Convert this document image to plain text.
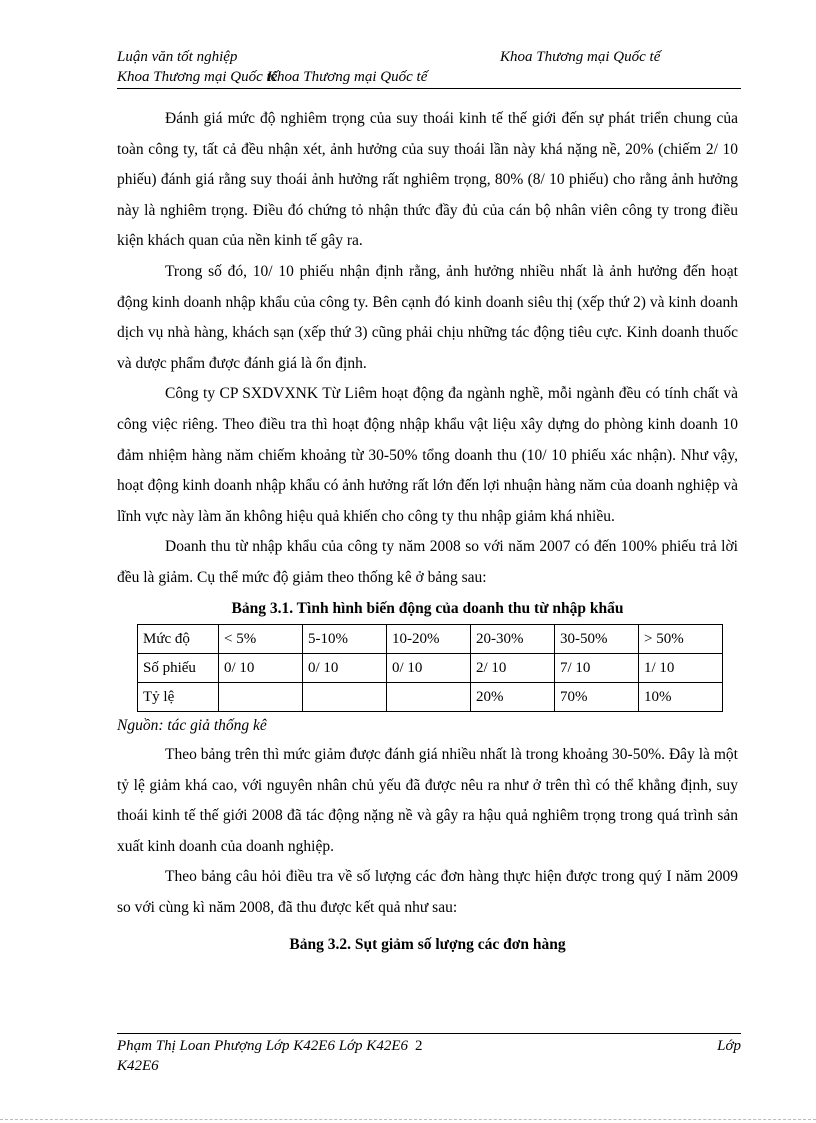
Luận văn tốt nghiệp	Khoa Thương mại Quốc tế
Khoa Thương mại Quốc tế
Khoa Thương mại Quốc tế

Đánh giá mức độ nghiêm trọng của suy thoái kinh tế thế giới đến sự phát triển chung của toàn công ty, tất cả đều nhận xét, ảnh hưởng của suy thoái lần này khá nặng nề, 20% (chiếm 2/ 10 phiếu) đánh giá rằng suy thoái ảnh hưởng rất nghiêm trọng, 80% (8/ 10 phiếu) cho rằng ảnh hưởng này là nghiêm trọng. Điều đó chứng tỏ nhận thức đầy đủ của cán bộ nhân viên công ty trong điều kiện khách quan của nền kinh tế gây ra.

Trong số đó, 10/ 10 phiếu nhận định rằng, ảnh hưởng nhiều nhất là ảnh hưởng đến hoạt động kinh doanh nhập khẩu của công ty. Bên cạnh đó kinh doanh siêu thị (xếp thứ 2) và kinh doanh dịch vụ nhà hàng, khách sạn (xếp thứ 3) cũng phải chịu những tác động tiêu cực. Kinh doanh thuốc và dược phẩm được đánh giá là ổn định.

Công ty CP SXDVXNK Từ Liêm hoạt động đa ngành nghề, mỗi ngành đều có tính chất và công việc riêng. Theo điều tra thì hoạt động nhập khẩu vật liệu xây dựng do phòng kinh doanh 10 đảm nhiệm hàng năm chiếm khoảng từ 30-50% tổng doanh thu (10/ 10 phiếu xác nhận). Như vậy, hoạt động kinh doanh nhập khẩu có ảnh hưởng rất lớn đến lợi nhuận hàng năm của doanh nghiệp và lĩnh vực này làm ăn không hiệu quả khiến cho công ty thu nhập giảm khá nhiều.

Doanh thu từ nhập khẩu của công ty năm 2008 so với năm 2007 có đến 100% phiếu trả lời đều là giảm. Cụ thể mức độ giảm theo thống kê ở bảng sau:

Bảng 3.1. Tình hình biến động của doanh thu từ nhập khẩu

Mức độ	< 5%	5-10%	10-20%	20-30%	30-50%	> 50%
Số phiếu	0/ 10	0/ 10	0/ 10	2/ 10	7/ 10	1/ 10
Tỷ lệ				20%	70%	10%

Nguồn: tác giả thống kê

Theo bảng trên thì mức giảm được đánh giá nhiều nhất là trong khoảng 30-50%. Đây là một tỷ lệ giảm khá cao, với nguyên nhân chủ yếu đã được nêu ra như ở trên thì có thể khẳng định, suy thoái kinh tế thế giới 2008 đã tác động nặng nề và gây ra hậu quả nghiêm trọng trong quá trình sản xuất kinh doanh của doanh nghiệp.

Theo bảng câu hỏi điều tra về số lượng các đơn hàng thực hiện được trong quý I năm 2009 so với cùng kì năm 2008, đã thu được kết quả như sau:

Bảng 3.2. Sụt giảm số lượng các đơn hàng

Phạm Thị Loan Phượng Lớp K42E6 Lớp K42E6 2	Lớp
K42E6
